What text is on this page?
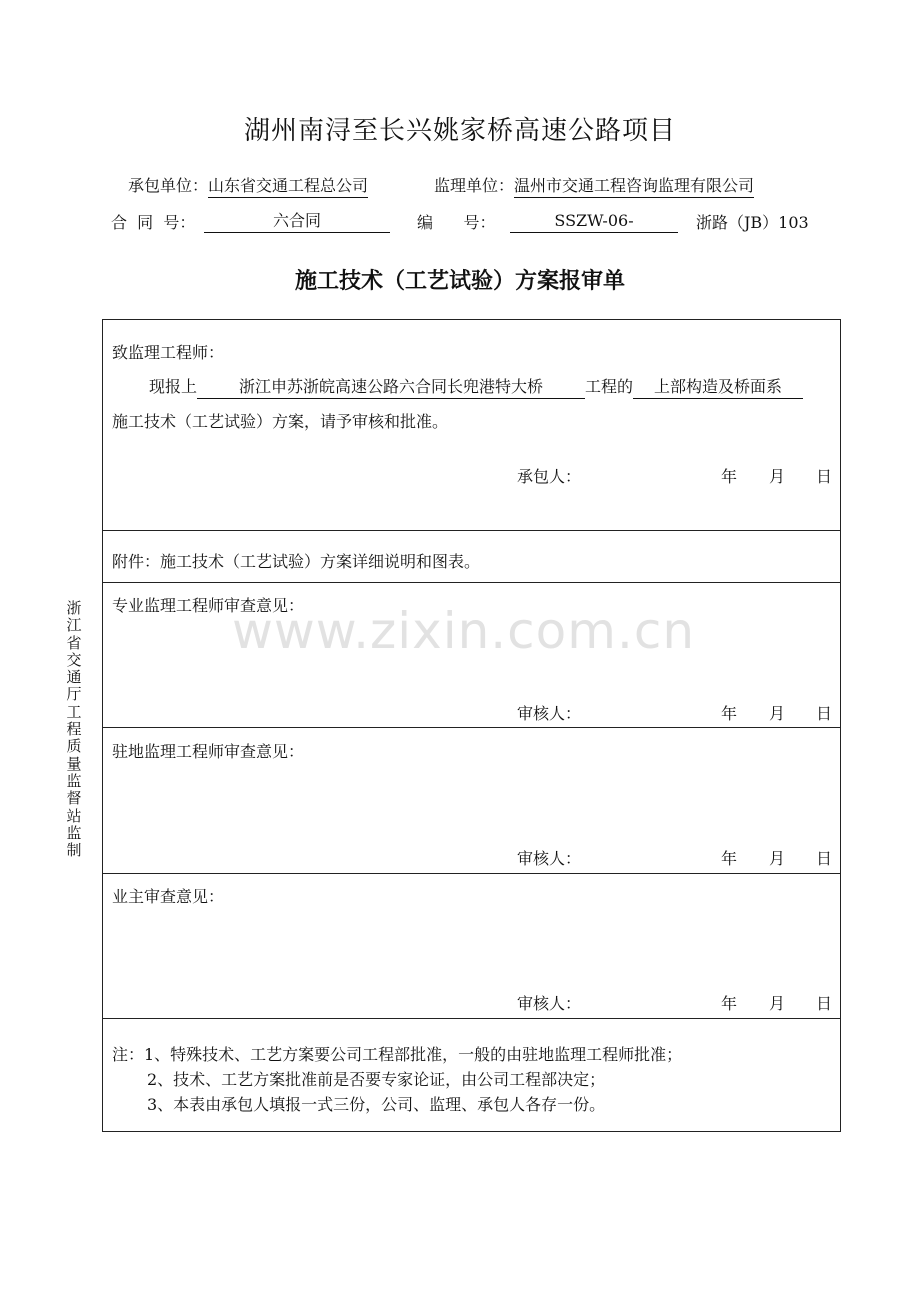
湖州南浔至长兴姚家桥高速公路项目
承包单位：山东省交通工程总公司	监理单位：温州市交通工程咨询监理有限公司
合  同  号：	六合同	编      号：	SSZW-06-	浙路（JB）103
施工技术（工艺试验）方案报审单
致监理工程师：
现报上	浙江申苏浙皖高速公路六合同长兜港特大桥	工程的 上部构造及桥面系
施工技术（工艺试验）方案，请予审核和批准。
承包人：	年 月 日
附件：施工技术（工艺试验）方案详细说明和图表。
专业监理工程师审查意见：
审核人：	年 月 日
驻地监理工程师审查意见：
审核人：	年 月 日
业主审查意见：
审核人：	年 月 日
注：1、特殊技术、工艺方案要公司工程部批准，一般的由驻地监理工程师批准；
2、技术、工艺方案批准前是否要专家论证，由公司工程部决定；
3、本表由承包人填报一式三份，公司、监理、承包人各存一份。
浙江省交通厅工程质量监督站监制
www.zixin.com.cn
